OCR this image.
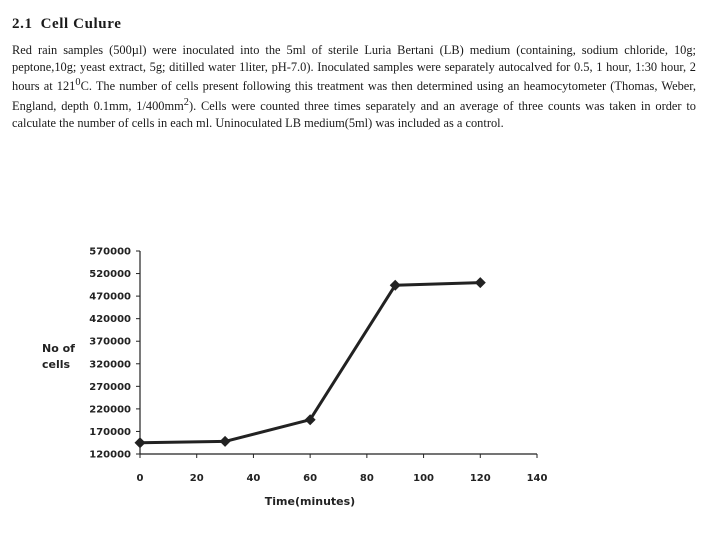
2.1 Cell Culure

Red rain samples (500µl) were inoculated into the 5ml of sterile Luria Bertani (LB) medium (containing, sodium chloride, 10g; peptone,10g; yeast extract, 5g; ditilled water 1liter, pH-7.0). Inoculated samples were separately autocalved for 0.5, 1 hour, 1:30 hour, 2 hours at $121^0C$. The number of cells present following this treatment was then determined using an heamocytometer (Thomas, Weber, England, depth 0.1mm, $1/400mm^2$). Cells were counted three times separately and an average of three counts was taken in order to calculate the number of cells in each ml. Uninoculated LB medium(5ml) was included as a control.

120000
170000
220000
270000
320000
370000
420000
470000
520000
570000
0	20	40	60	80	100	120	140
No of
cells
Time(minutes)
